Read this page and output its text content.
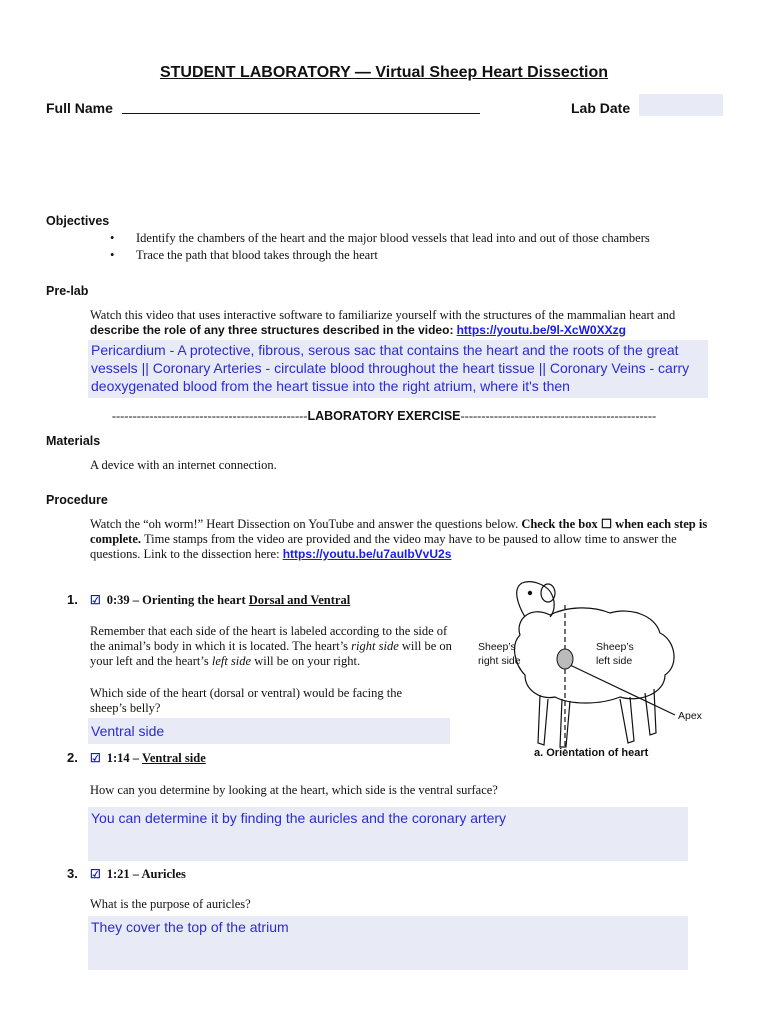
STUDENT LABORATORY — Virtual Sheep Heart Dissection
Full Name	Lab Date
Objectives
• Identify the chambers of the heart and the major blood vessels that lead into and out of those chambers
• Trace the path that blood takes through the heart
Pre-lab
Watch this video that uses interactive software to familiarize yourself with the structures of the mammalian heart and describe the role of any three structures described in the video: https://youtu.be/9l-XcW0XXzg
Pericardium - A protective, fibrous, serous sac that contains the heart and the roots of the great vessels || Coronary Arteries - circulate blood throughout the heart tissue || Coronary Veins - carry deoxygenated blood from the heart tissue into the right atrium, where it's then
-----------------------------------------------LABORATORY EXERCISE-----------------------------------------------
Materials
A device with an internet connection.
Procedure
Watch the “oh worm!” Heart Dissection on YouTube and answer the questions below. Check the box ☐ when each step is complete. Time stamps from the video are provided and the video may have to be paused to allow time to answer the questions. Link to the dissection here: https://youtu.be/u7auIbVvU2s
1. ☑ 0:39 – Orienting the heart Dorsal and Ventral
Remember that each side of the heart is labeled according to the side of the animal’s body in which it is located. The heart’s right side will be on your left and the heart’s left side will be on your right.
Which side of the heart (dorsal or ventral) would be facing the sheep’s belly?
Ventral side
Sheep’s
right side
Sheep’s
left side
Apex
a. Orientation of heart
2. ☑ 1:14 – Ventral side
How can you determine by looking at the heart, which side is the ventral surface?
You can determine it by finding the auricles and the coronary artery
3. ☑ 1:21 – Auricles
What is the purpose of auricles?
They cover the top of the atrium
